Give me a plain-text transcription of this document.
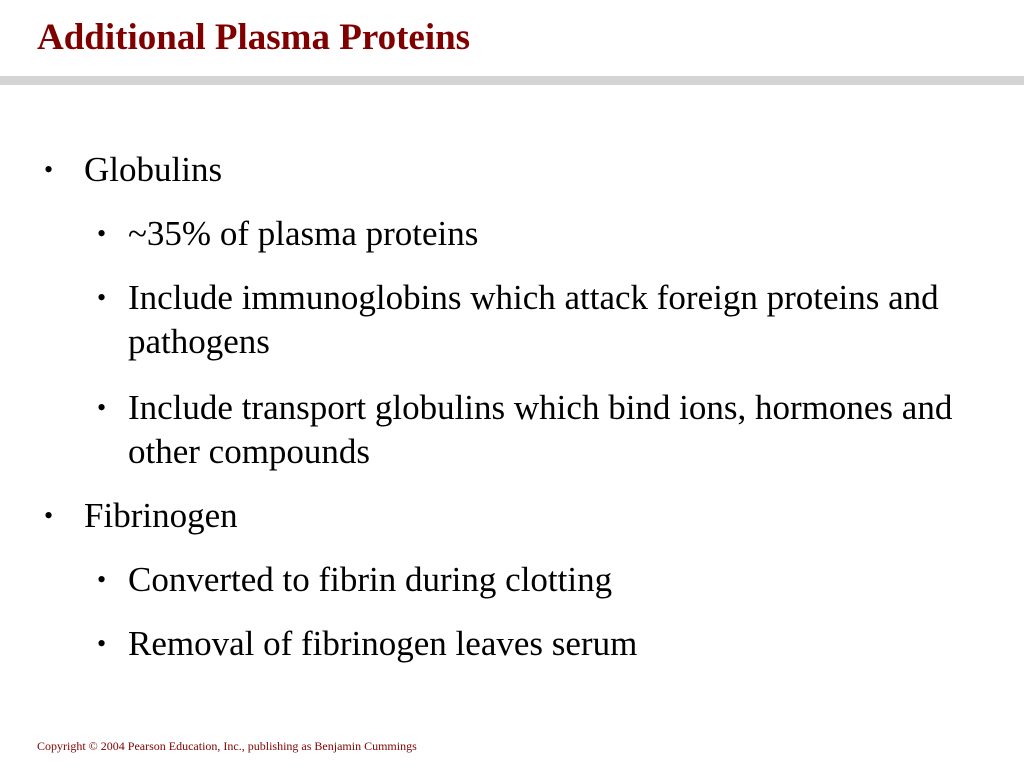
Additional Plasma Proteins
• Globulins
• ~35% of plasma proteins
• Include immunoglobins which attack foreign proteins and pathogens
• Include transport globulins which bind ions, hormones and other compounds
• Fibrinogen
• Converted to fibrin during clotting
• Removal of fibrinogen leaves serum
Copyright © 2004 Pearson Education, Inc., publishing as Benjamin Cummings
